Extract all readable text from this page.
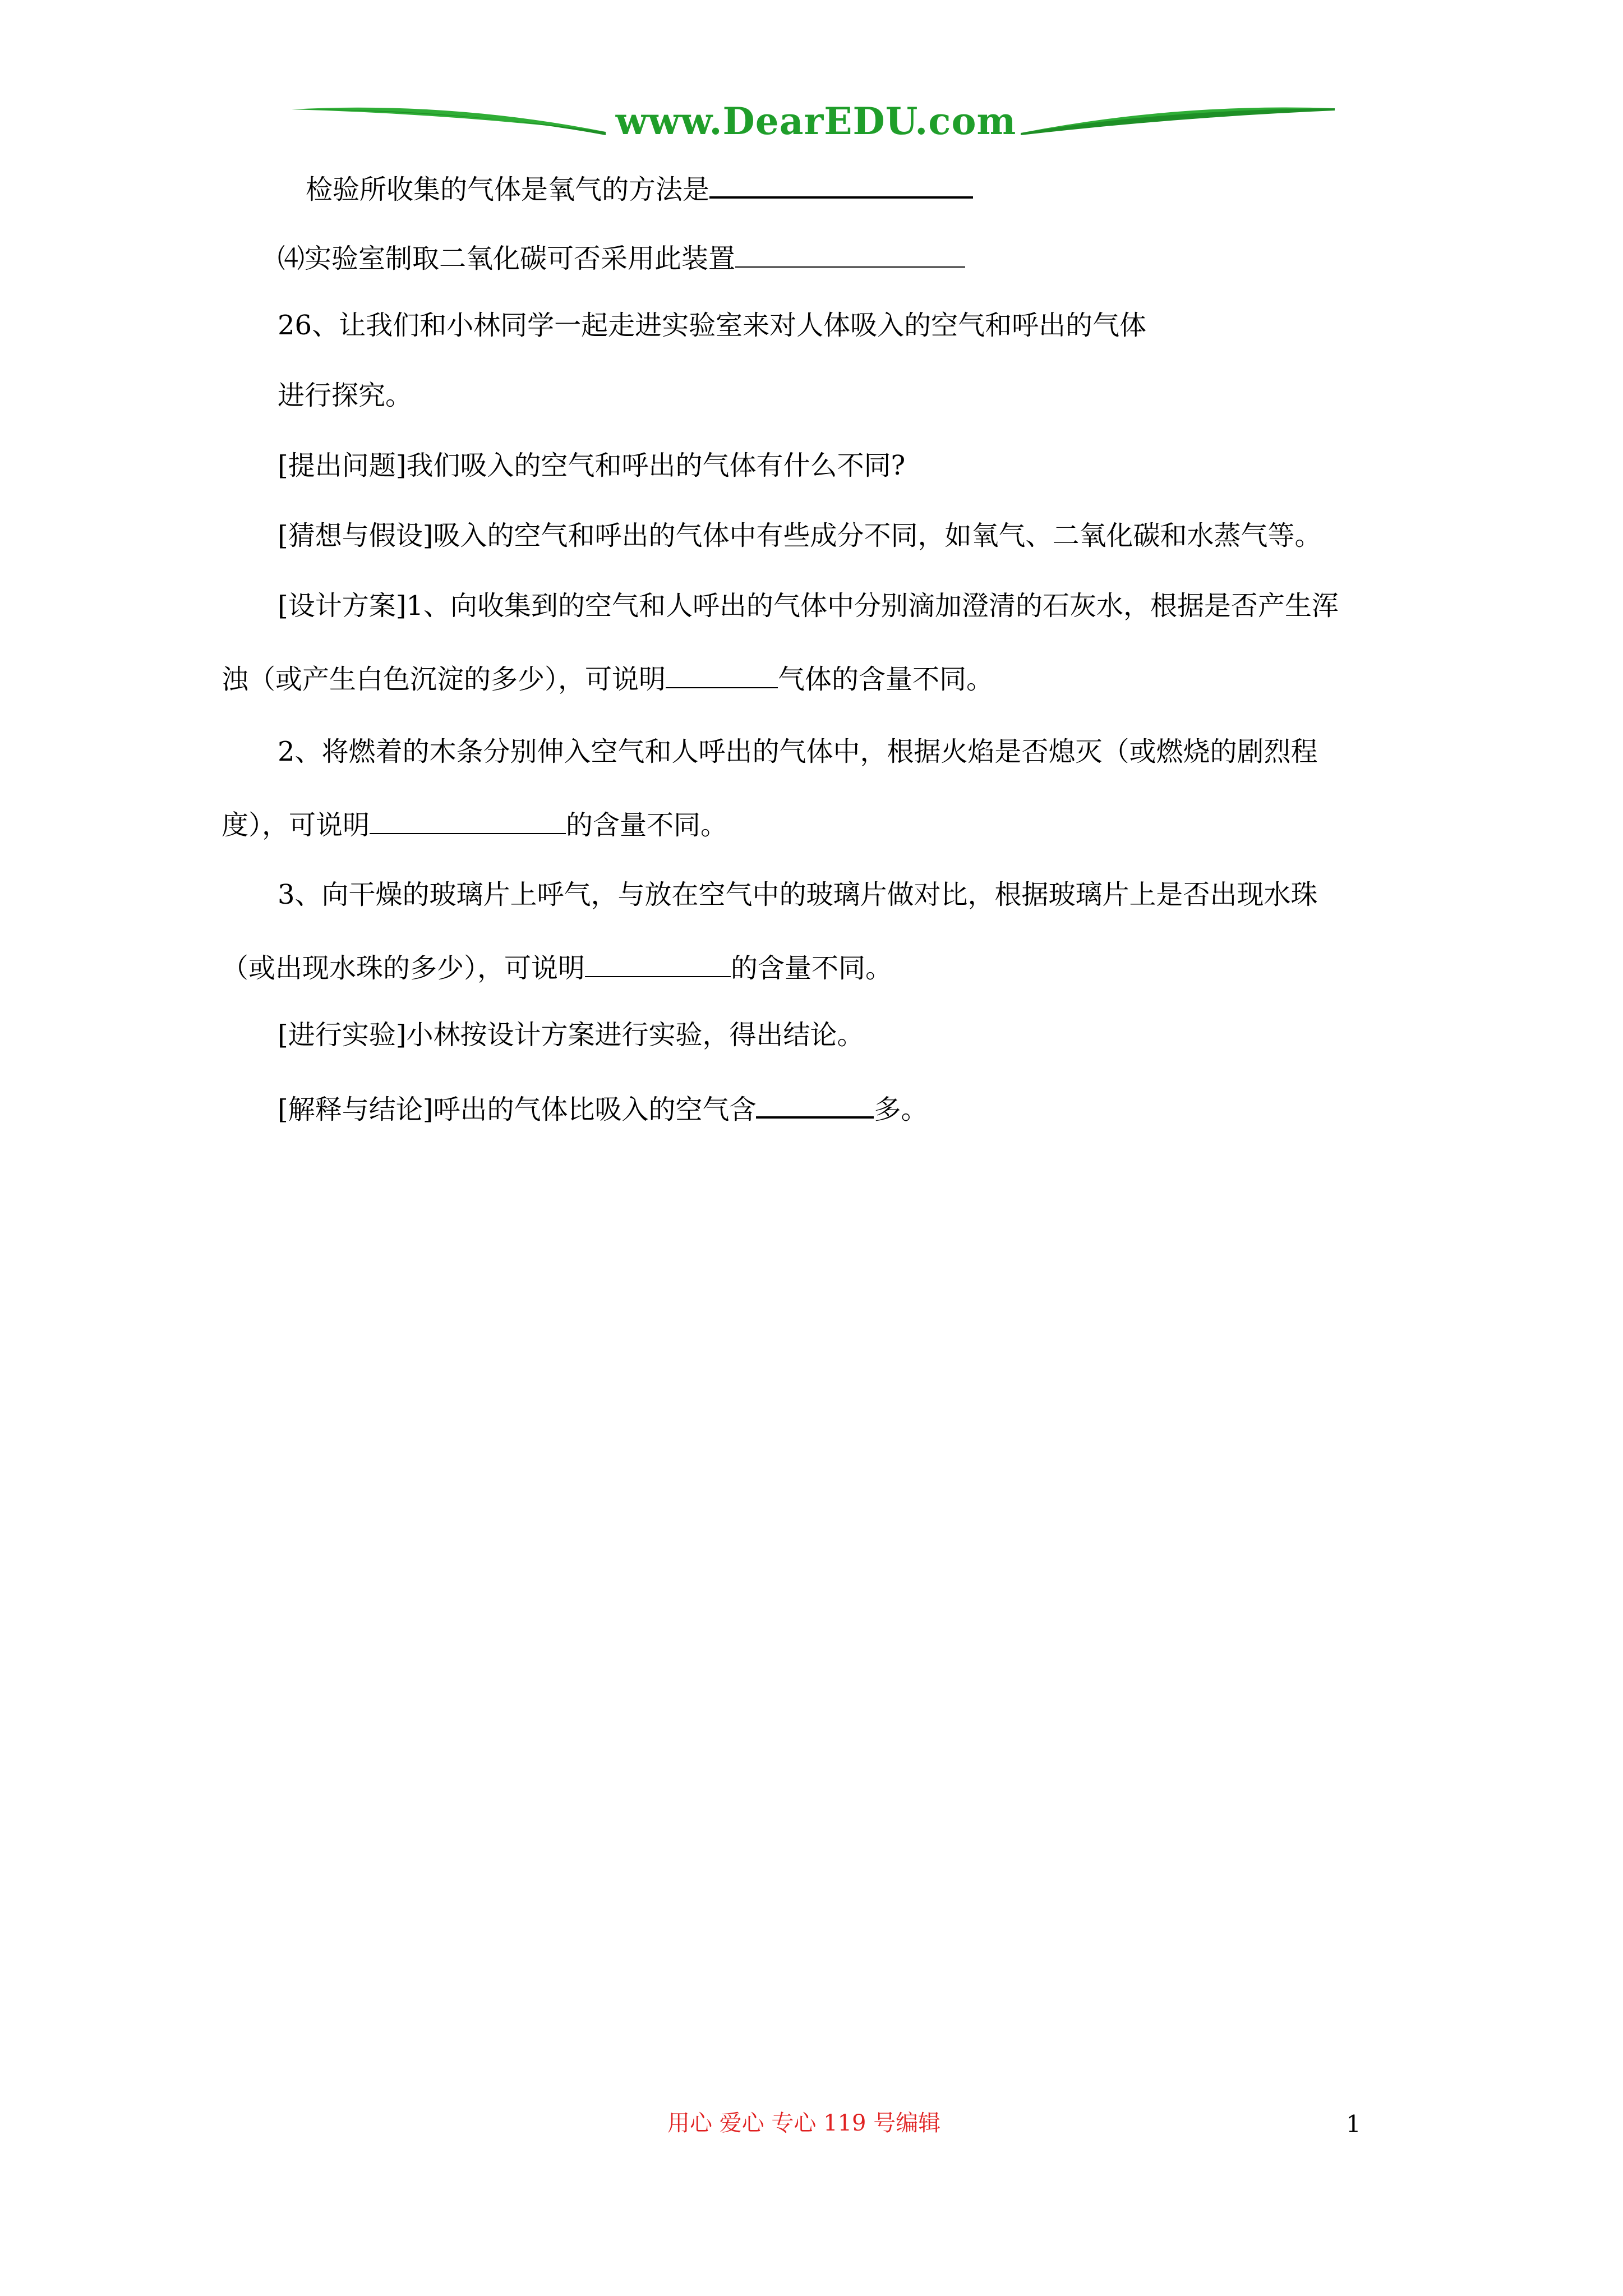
www.DearEDU.com
检验所收集的气体是氧气的方法是
⑷实验室制取二氧化碳可否采用此装置
26、让我们和小林同学一起走进实验室来对人体吸入的空气和呼出的气体
进行探究。
[提出问题]我们吸入的空气和呼出的气体有什么不同?
[猜想与假设]吸入的空气和呼出的气体中有些成分不同，如氧气、二氧化碳和水蒸气等。
[设计方案]1、向收集到的空气和人呼出的气体中分别滴加澄清的石灰水，根据是否产生浑
浊（或产生白色沉淀的多少），可说明	气体的含量不同。
2、将燃着的木条分别伸入空气和人呼出的气体中，根据火焰是否熄灭（或燃烧的剧烈程
度），可说明	的含量不同。
3、向干燥的玻璃片上呼气，与放在空气中的玻璃片做对比，根据玻璃片上是否出现水珠
（或出现水珠的多少），可说明	的含量不同。
[进行实验]小林按设计方案进行实验，得出结论。
[解释与结论]呼出的气体比吸入的空气含	多。
用心 爱心 专心 119 号编辑	1
